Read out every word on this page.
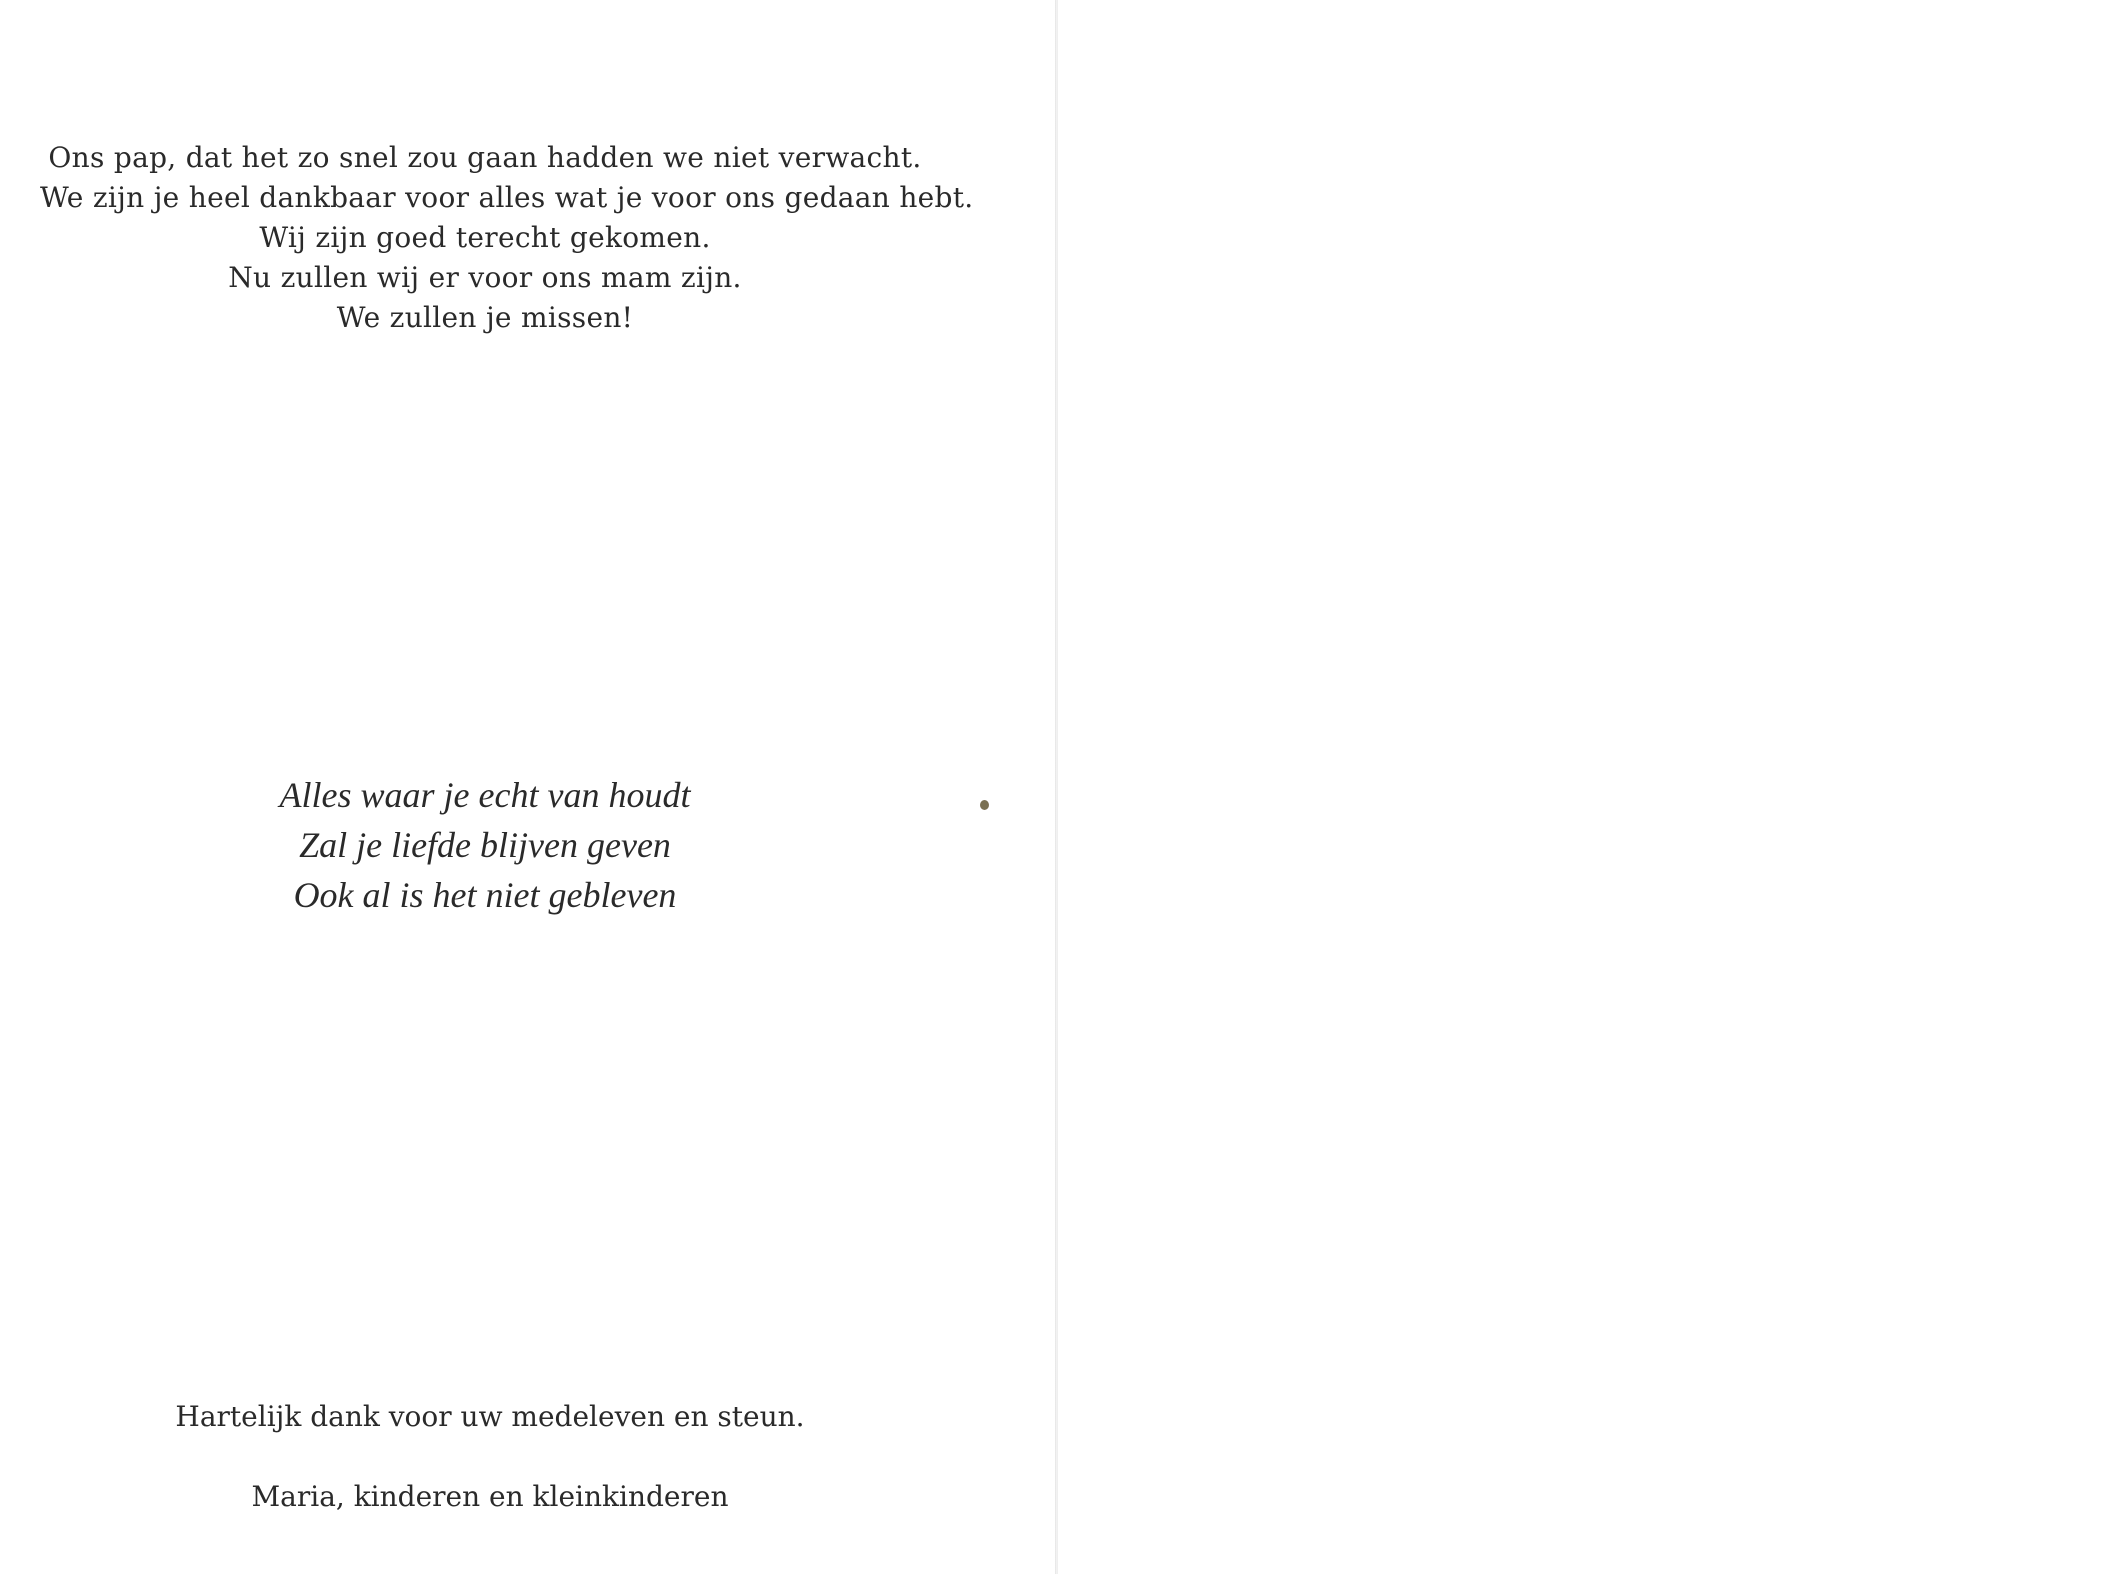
Ons pap, dat het zo snel zou gaan hadden we niet verwacht.
We zijn je heel dankbaar voor alles wat je voor ons gedaan hebt.
Wij zijn goed terecht gekomen.
Nu zullen wij er voor ons mam zijn.
We zullen je missen!
Alles waar je echt van houdt
Zal je liefde blijven geven
Ook al is het niet gebleven
Hartelijk dank voor uw medeleven en steun.
Maria, kinderen en kleinkinderen
